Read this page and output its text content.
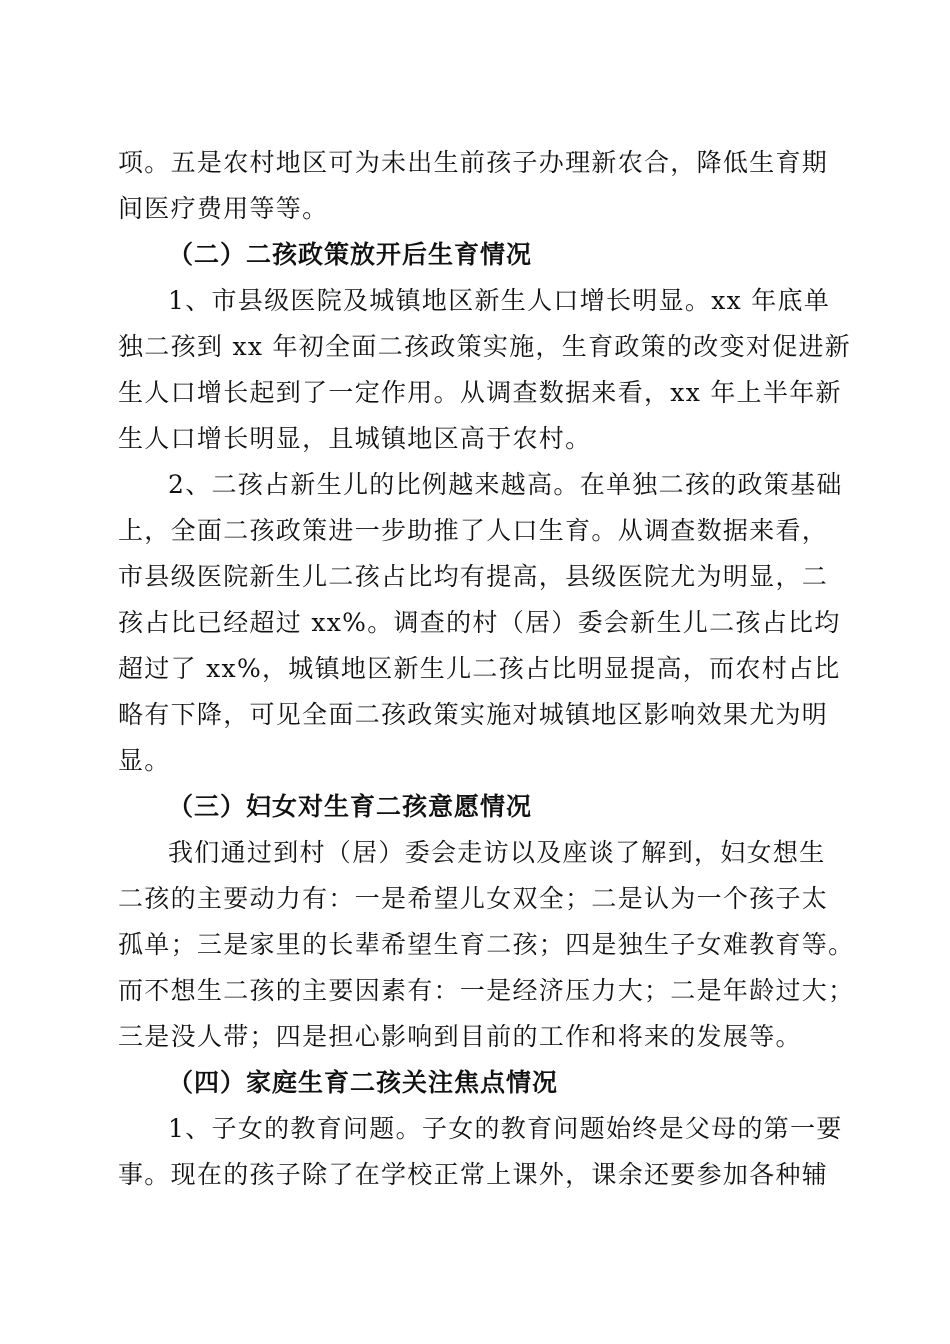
项。五是农村地区可为未出生前孩子办理新农合，降低生育期
间医疗费用等等。
（二）二孩政策放开后生育情况
1、市县级医院及城镇地区新生人口增长明显。xx 年底单
独二孩到 xx 年初全面二孩政策实施，生育政策的改变对促进新
生人口增长起到了一定作用。从调查数据来看，xx 年上半年新
生人口增长明显，且城镇地区高于农村。
2、二孩占新生儿的比例越来越高。在单独二孩的政策基础
上，全面二孩政策进一步助推了人口生育。从调查数据来看，
市县级医院新生儿二孩占比均有提高，县级医院尤为明显，二
孩占比已经超过 xx%。调查的村（居）委会新生儿二孩占比均
超过了 xx%，城镇地区新生儿二孩占比明显提高，而农村占比
略有下降，可见全面二孩政策实施对城镇地区影响效果尤为明
显。
（三）妇女对生育二孩意愿情况
我们通过到村（居）委会走访以及座谈了解到，妇女想生
二孩的主要动力有：一是希望儿女双全；二是认为一个孩子太
孤单；三是家里的长辈希望生育二孩；四是独生子女难教育等。
而不想生二孩的主要因素有：一是经济压力大；二是年龄过大；
三是没人带；四是担心影响到目前的工作和将来的发展等。
（四）家庭生育二孩关注焦点情况
1、子女的教育问题。子女的教育问题始终是父母的第一要
事。现在的孩子除了在学校正常上课外，课余还要参加各种辅
